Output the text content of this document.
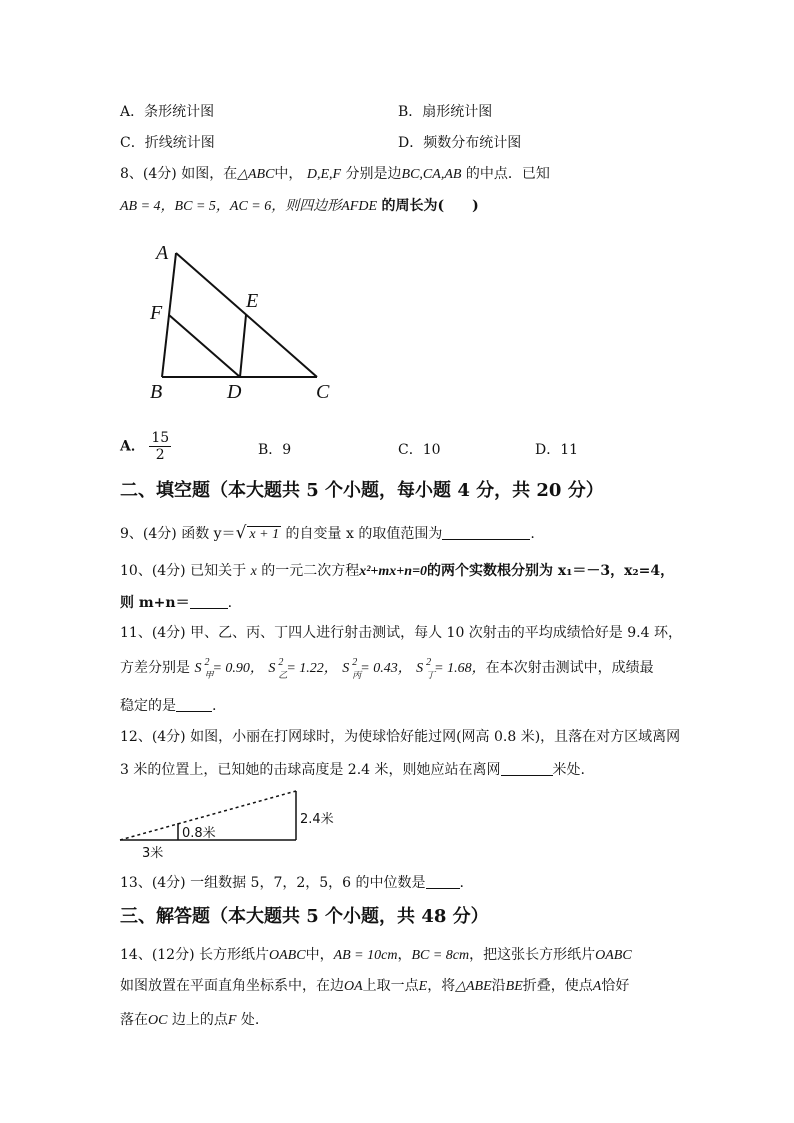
A．条形统计图	B．扇形统计图
C．折线统计图	D．频数分布统计图
8、(4分) 如图，在△ABC中， D,E,F 分别是边BC,CA,AB 的中点．已知
AB = 4，BC = 5，AC = 6，则四边形AFDE 的周长为(　　)
A
F
E
B	D	C
A． $\frac{15}{2}$	B．9	C．10	D．11
二、填空题（本大题共 5 个小题，每小题 4 分，共 20 分）
9、(4分) 函数 y＝√ x + 1 的自变量 x 的取值范围为	.
10、(4分) 已知关于 x 的一元二次方程x²+mx+n=0的两个实数根分别为 x₁＝－3，x₂=4，
则 m+n＝	.
11、(4分) 甲、乙、丙、丁四人进行射击测试，每人 10 次射击的平均成绩恰好是 9.4 环，
方差分别是 S 2
甲
= 0.90， S 2
乙
= 1.22， S 2
丙
= 0.43， S 2
丁
= 1.68，在本次射击测试中，成绩最
稳定的是	.
12、(4分) 如图，小丽在打网球时，为使球恰好能过网(网高 0.8 米)，且落在对方区域离网
3 米的位置上，已知她的击球高度是 2.4 米，则她应站在离网	米处.
0.8米
2.4米
3米
13、(4分) 一组数据 5，7，2，5，6 的中位数是 .
三、解答题（本大题共 5 个小题，共 48 分）
14、(12分) 长方形纸片OABC中，AB = 10cm，BC = 8cm，把这张长方形纸片OABC
如图放置在平面直角坐标系中，在边OA上取一点E，将△ABE沿BE折叠，使点A恰好
落在OC 边上的点F 处.
